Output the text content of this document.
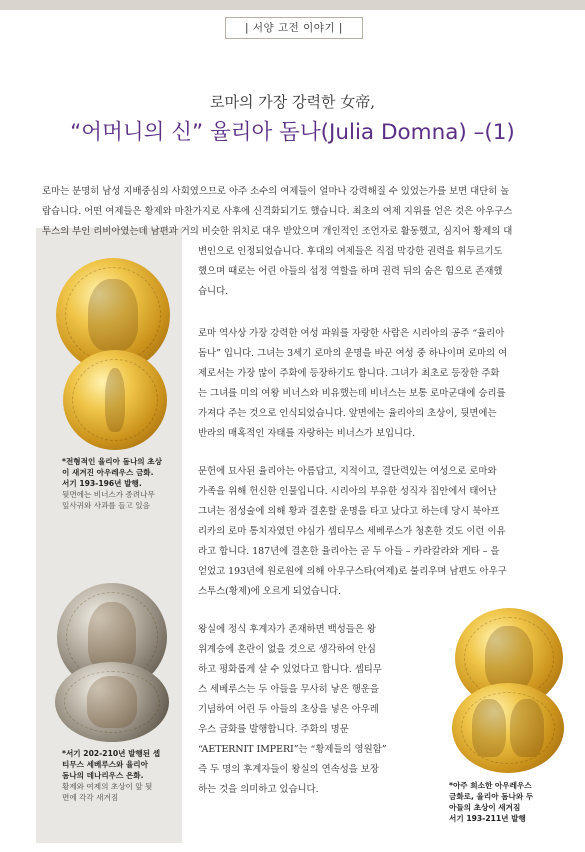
| 서양 고전 이야기 |
로마의 가장 강력한 女帝,
“어머니의 신” 율리아 돔나(Julia Domna) –(1)
*전형적인 율리아 돔나의 초상
이 새겨진 아우레우스 금화.
서기 193-196년 발행.
뒷면에는 비너스가 종려나무
잎사귀와 사과를 들고 있음
*서기 202-210년 발행된 셉
티무스 세베루스와 율리아
돔나의 데나리우스 은화.
황제와 여제의 초상이 앞 뒷
면에 각각 새겨짐
*아주 희소한 아우레우스
금화로, 율리아 돔나와 두
아들의 초상이 새겨짐
서기 193-211년 발행
로마는 분명히 남성 지배중심의 사회였으므로 아주 소수의 여제들이 얼마나 강력해질 수 있었는가를 보면 대단히 놀
랍습니다. 어떤 여제들은 황제와 마찬가지로 사후에 신격화되기도 했습니다. 최초의 여제 지위를 얻은 것은 아우구스
투스의 부인 리비아였는데 남편과 거의 비슷한 위치로 대우 받았으며 개인적인 조언자로 활동했고, 심지어 황제의 대
변인으로 인정되었습니다. 후대의 여제들은 직접 막강한 권력을 휘두르기도
했으며 때로는 어린 아들의 섭정 역할을 하며 권력 뒤의 숨은 힘으로 존재했
습니다.
로마 역사상 가장 강력한 여성 파워를 자랑한 사람은 시리아의 공주 “율리아
돔나” 입니다. 그녀는 3세기 로마의 운명을 바꾼 여성 중 하나이며 로마의 여
제로서는 가장 많이 주화에 등장하기도 합니다. 그녀가 최초로 등장한 주화
는 그녀를 미의 여왕 비너스와 비유했는데 비너스는 보통 로마군대에 승리를
가져다 주는 것으로 인식되었습니다. 앞면에는 율리아의 초상이, 뒷면에는
반라의 매혹적인 자태를 자랑하는 비너스가 보입니다.
문헌에 묘사된 율리아는 아름답고, 지적이고, 결단력있는 여성으로 로마와
가족을 위해 헌신한 인물입니다. 시리아의 부유한 성직자 집안에서 태어난
그녀는 점성술에 의해 황과 결혼할 운명을 타고 났다고 하는데 당시 북아프
리카의 로마 통치자였던 야심가 셉티무스 세베루스가 청혼한 것도 이런 이유
라고 합니다. 187년에 결혼한 율리아는 곧 두 아들 – 카라칼라와 게타 – 을
얻었고 193년에 원로원에 의해 아우구스타(여제)로 불리우며 남편도 아우구
스투스(황제)에 오르게 되었습니다.
왕실에 정식 후계자가 존재하면 백성들은 왕
위계승에 혼란이 없을 것으로 생각하여 안심
하고 평화롭게 살 수 있었다고 합니다. 셉티무
스 세베루스는 두 아들을 무사히 낳은 행운을
기념하여 어린 두 아들의 초상을 넣은 아우레
우스 금화를 발행합니다. 주화의 명문
“AETERNIT IMPERI”는 “황제들의 영원함”
즉 두 명의 후계자들이 왕실의 연속성을 보장
하는 것을 의미하고 있습니다.
